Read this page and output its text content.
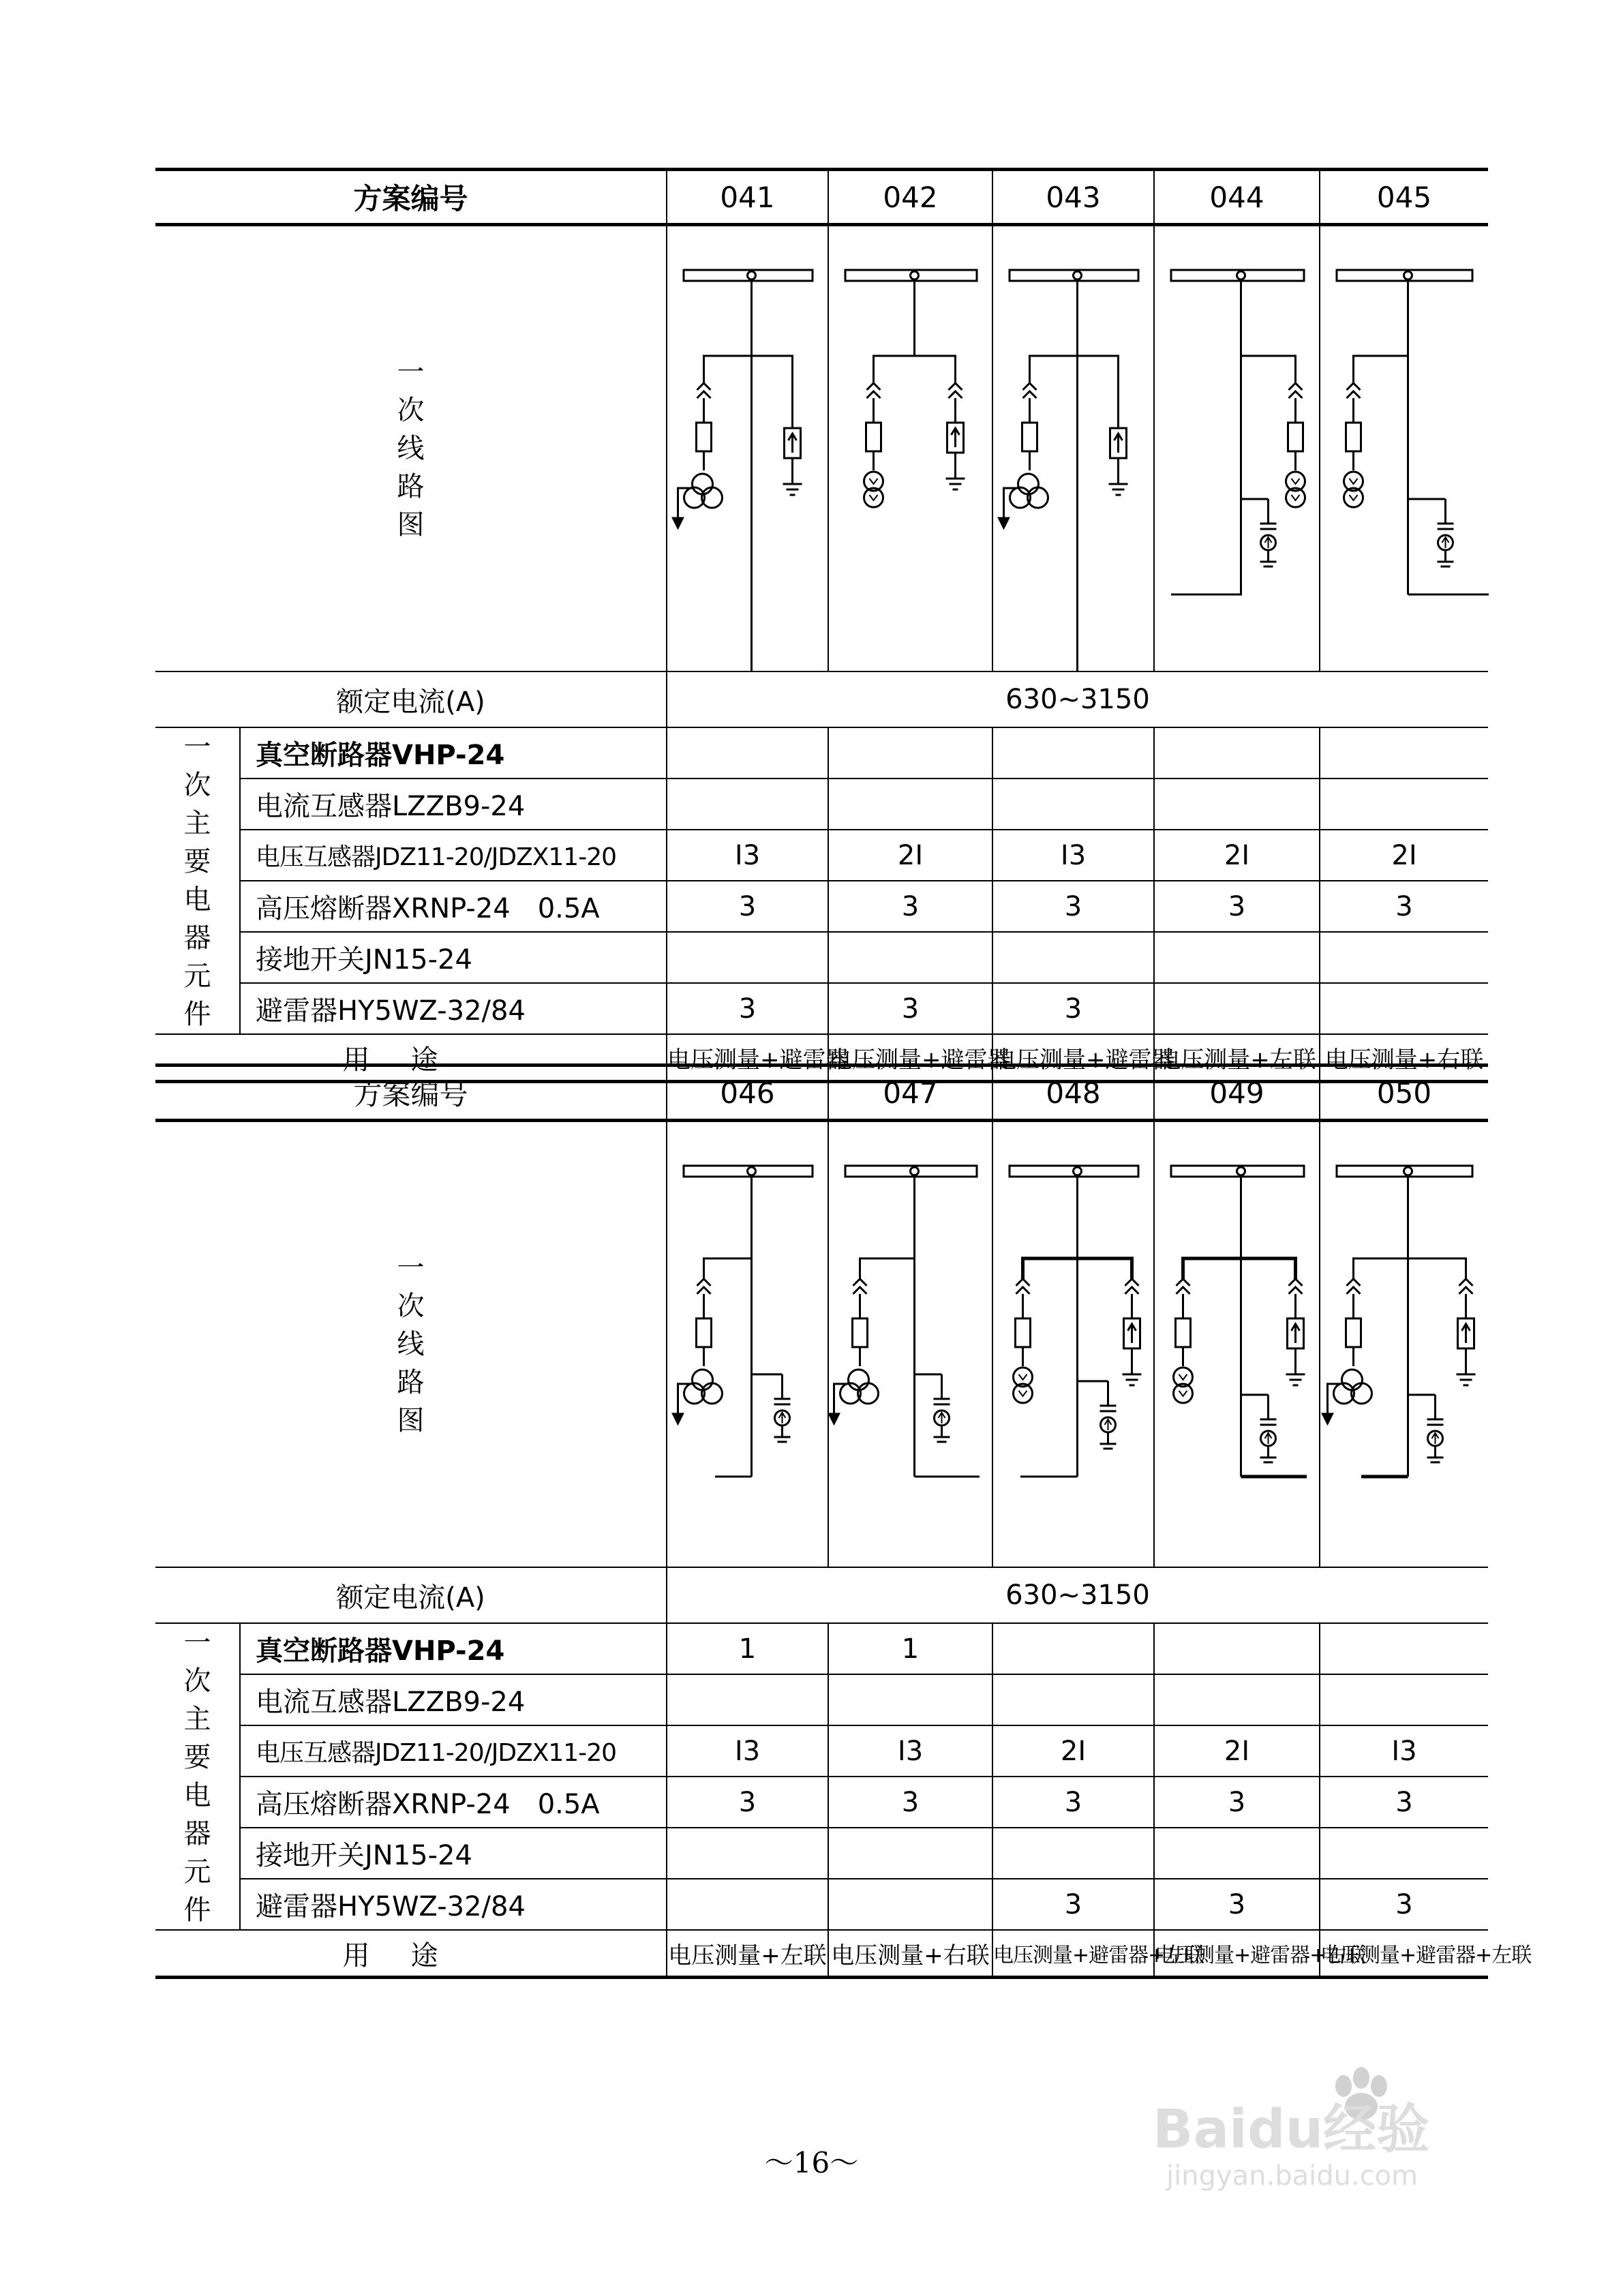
方案编号		041	042	043	044	045
一次线路图	

额定电流(A)		630~3150				
一次主要电器元件	真空断路器VHP-24					
	电流互感器LZZB9-24					
	电压互感器JDZ11-20/JDZX11-20	I3	2I	I3	2I	2I
	高压熔断器XRNP-24　0.5A	3	3	3	3	3
	接地开关JN15-24					
	避雷器HY5WZ-32/84	3	3	3		
用途		电压测量+避雷器	电压测量+避雷器	电压测量+避雷器	电压测量+左联	电压测量+右联
方案编号		046	047	048	049	050
一次线路图	

额定电流(A)		630~3150				
一次主要电器元件	真空断路器VHP-24	1	1			
	电流互感器LZZB9-24					
	电压互感器JDZ11-20/JDZX11-20	I3	I3	2I	2I	I3
	高压熔断器XRNP-24　0.5A	3	3	3	3	3
	接地开关JN15-24					
	避雷器HY5WZ-32/84			3	3	3
用途		电压测量+左联	电压测量+右联	电压测量+避雷器+左联	电压测量+避雷器+右联	电压测量+避雷器+左联
～16～
Baidu经验
jingyan.baidu.com
